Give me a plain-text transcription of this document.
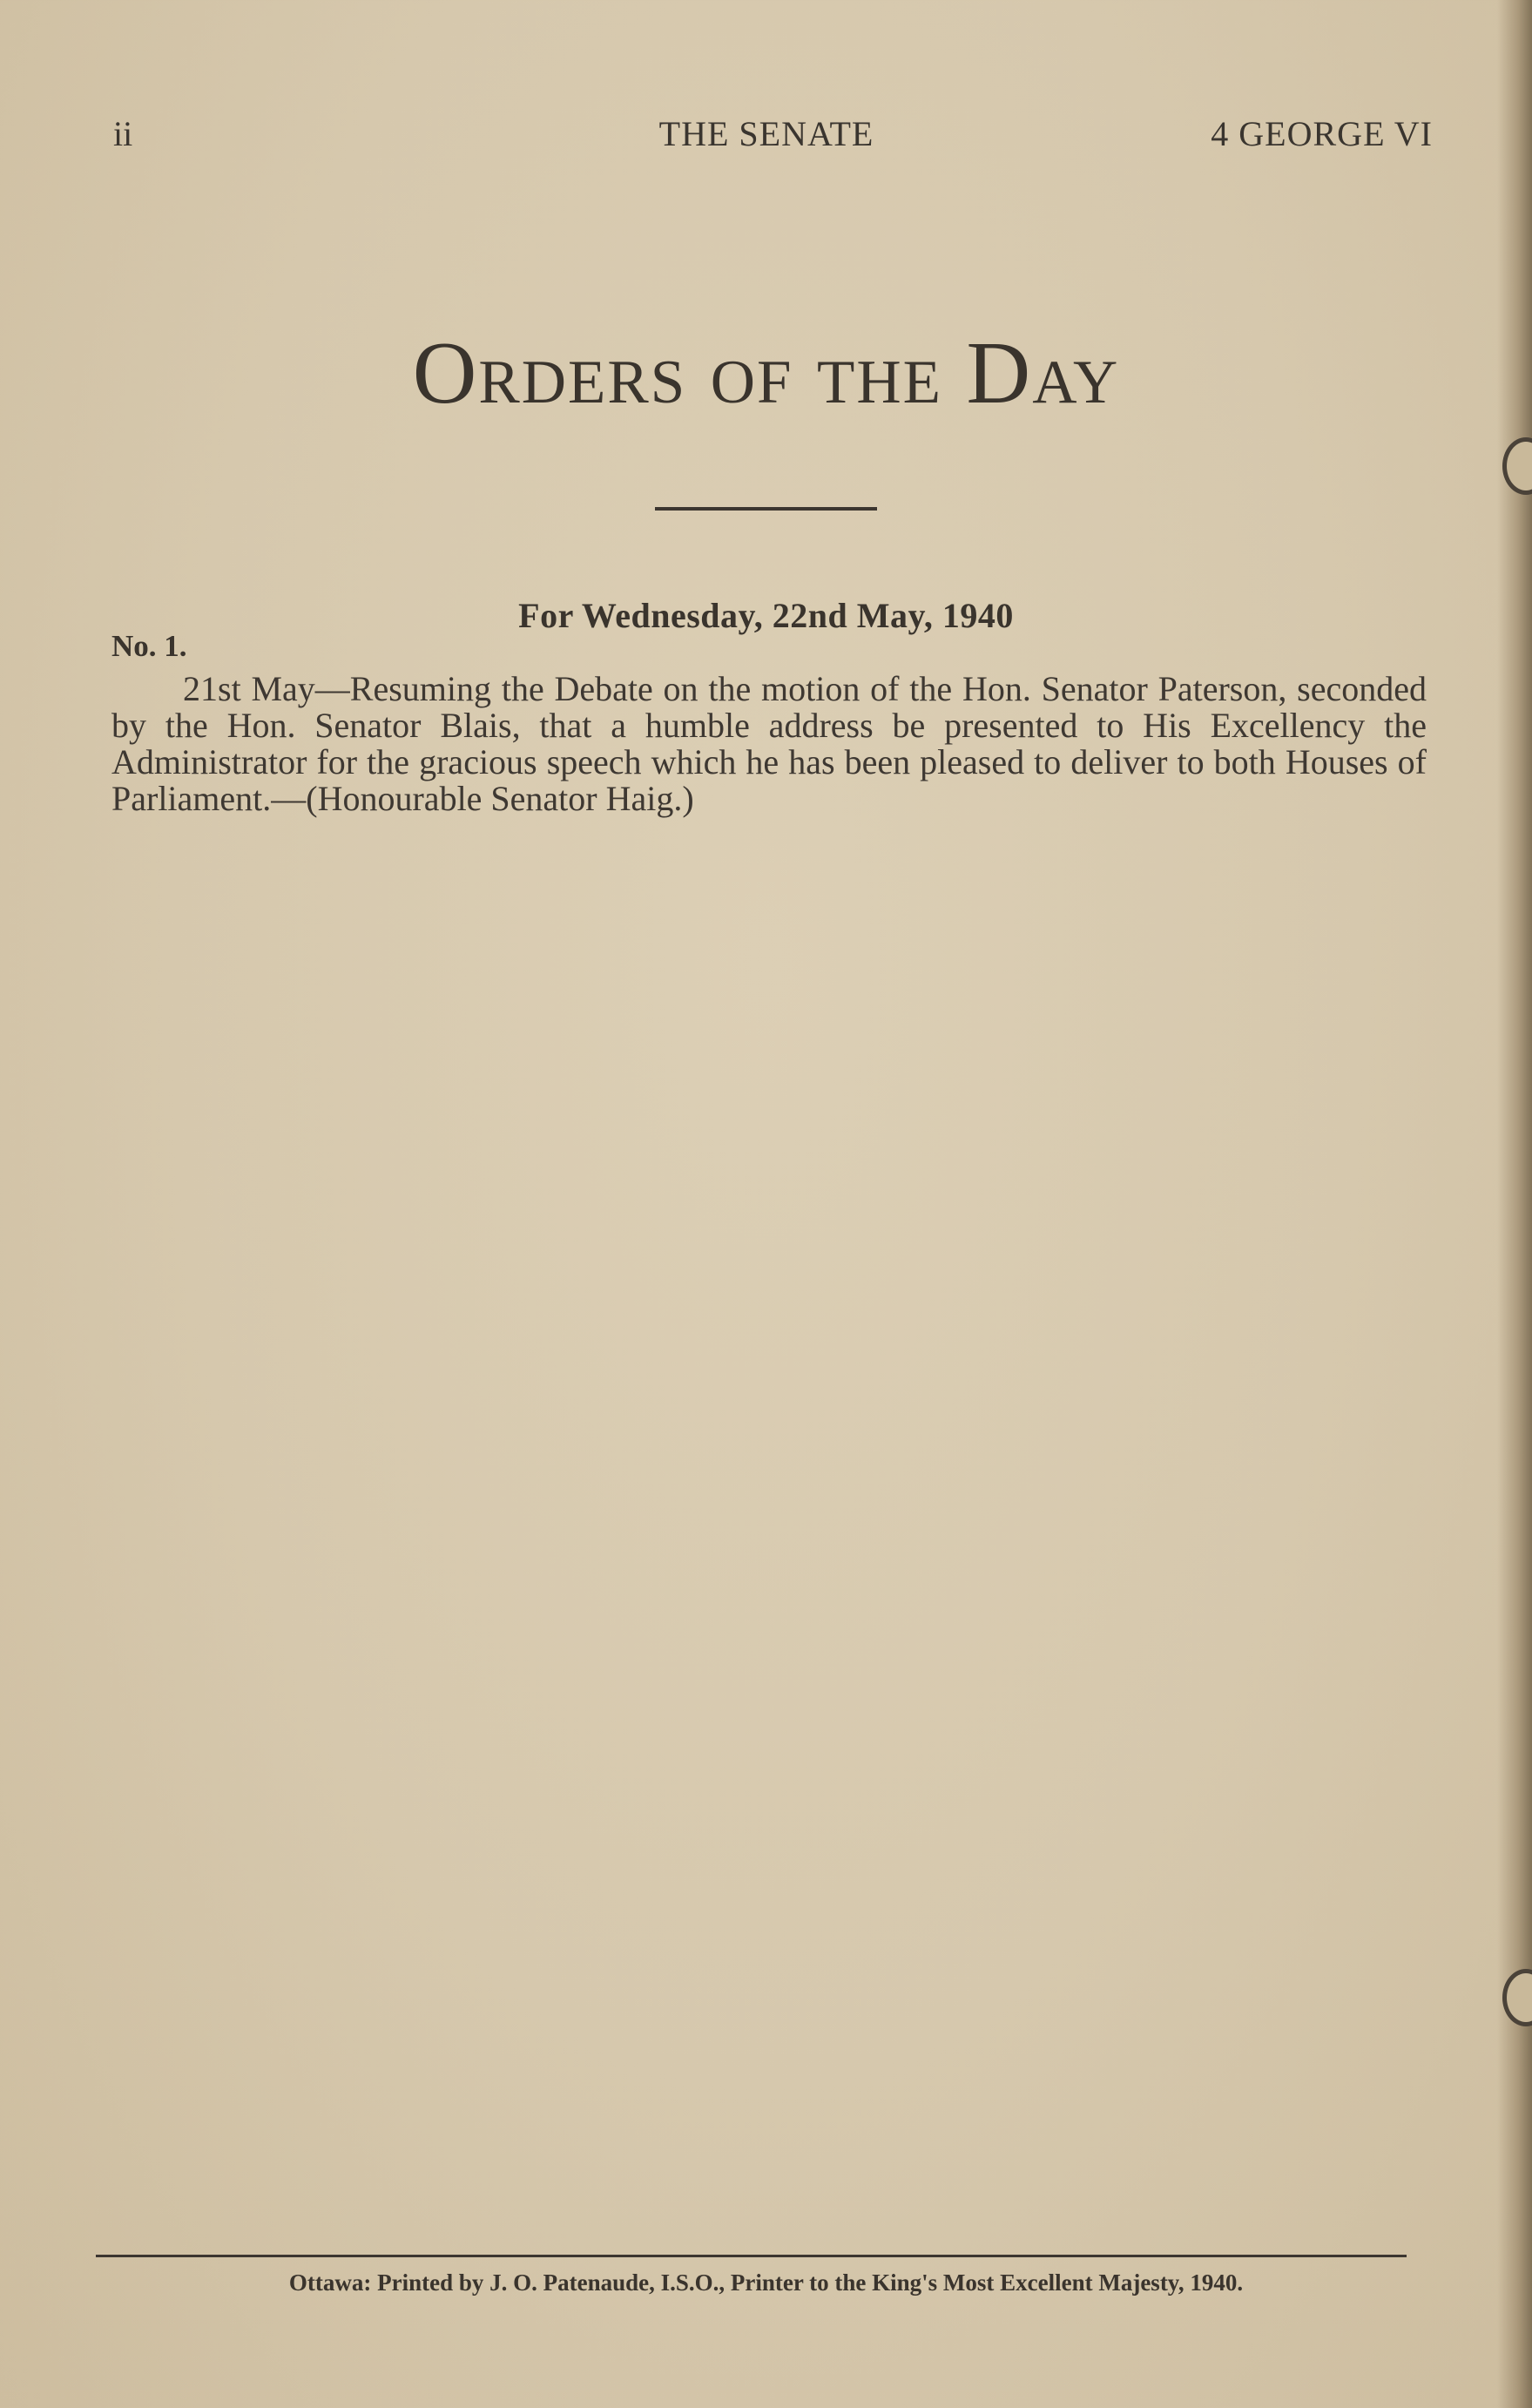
ii	THE SENATE	4 GEORGE VI
Orders of the Day
For Wednesday, 22nd May, 1940
No. 1.
21st May—Resuming the Debate on the motion of the Hon. Senator Paterson, seconded by the Hon. Senator Blais, that a humble address be presented to His Excellency the Administrator for the gracious speech which he has been pleased to deliver to both Houses of Parliament.—(Honourable Senator Haig.)
Ottawa: Printed by J. O. Patenaude, I.S.O., Printer to the King's Most Excellent Majesty, 1940.
